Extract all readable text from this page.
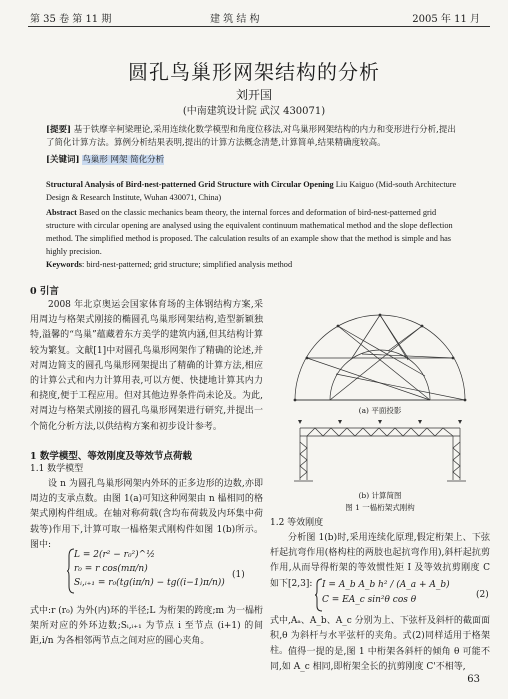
第 35 卷 第 11 期	建 筑 结 构	2005 年 11 月
圆孔鸟巢形网架结构的分析
刘开国
(中南建筑设计院 武汉 430071)
[提要] 基于铁摩辛柯梁理论,采用连续化数学模型和角度位移法,对鸟巢形网架结构的内力和变形进行分析,提出了简化计算方法。算例分析结果表明,提出的计算方法概念清楚,计算简单,结果精确度较高。
[关键词] 鸟巢形 网架 简化分析
Structural Analysis of Bird-nest-patterned Grid Structure with Circular Opening Liu Kaiguo (Mid-south Architecture Design & Research Institute, Wuhan 430071, China)
Abstract Based on the classic mechanics beam theory, the internal forces and deformation of bird-nest-patterned grid structure with circular opening are analysed using the equivalent continuum mathematical method and the slope deflection method. The simplified method is proposed. The calculation results of an example show that the method is simple and has highly precision.
Keywords: bird-nest-patterned; grid structure; simplified analysis method
0 引言
2008 年北京奥运会国家体育场的主体钢结构方案,采用周边与格架式刚接的椭圆孔鸟巢形网架结构,造型新颖独特,溢馨的“鸟巢”蕴藏着东方美学的建筑内涵,但其结构计算较为繁复。文献[1]中对圆孔鸟巢形网架作了精确的论述,并对周边简支的圆孔鸟巢形网架提出了精确的计算方法,相应的计算公式和内力计算用表,可以方便、快捷地计算其内力和挠度,便于工程应用。但对其他边界条件尚未论及。为此,对周边与格架式刚接的圆孔鸟巢形网架进行研究,并提出一个简化分析方法,以供结构方案和初步设计参考。
1 数学模型、等效刚度及等效节点荷载
1.1 数学模型
设 n 为圆孔鸟巢形网架内外环的正多边形的边数,亦即周边的支承点数。由图 1(a)可知这种网架由 n 榀相同的格架式刚构件组成。在轴对称荷载(含均布荷载及内环集中荷载等)作用下,计算可取一榀格架式刚构件如图 1(b)所示。图中:
L = 2(r² − r₀²)^½
r₀ = r cos(mπ/n)
Sᵢ,ᵢ₊₁ = r₀(tg(iπ/n) − tg((i−1)π/n))
(1)
式中:r (r₀) 为外(内)环的半径;L 为桁架的跨度;m 为一榀桁架所对应的外环边数;Sᵢ,ᵢ₊₁ 为节点 i 至节点 (i+1) 的间距,i/n 为各相邻两节点之间对应的圆心夹角。
(a) 平面投影
(b) 计算简图
图 1 一榀桁架式刚构
1.2 等效刚度
分析图 1(b)时,采用连续化原理,假定桁架上、下弦杆起抗弯作用(格构柱的两肢也起抗弯作用),斜杆起抗剪作用,从而导得桁架的等效惯性矩 I 及等效抗剪刚度 C 如下[2,3]:	I = A_b A_b h² / (A_a + A_b)
C = EA_c sin²θ cos θ	(2)
式中,Aₐ、A_b、A_c 分别为上、下弦杆及斜杆的截面面积,θ 为斜杆与水平弦杆的夹角。式(2)同样适用于格架柱。 值得一提的是,图 1 中桁架各斜杆的倾角 θ 可能不同,如 A_c 相同,即桁架全长的抗剪刚度 C'不相等,
63
